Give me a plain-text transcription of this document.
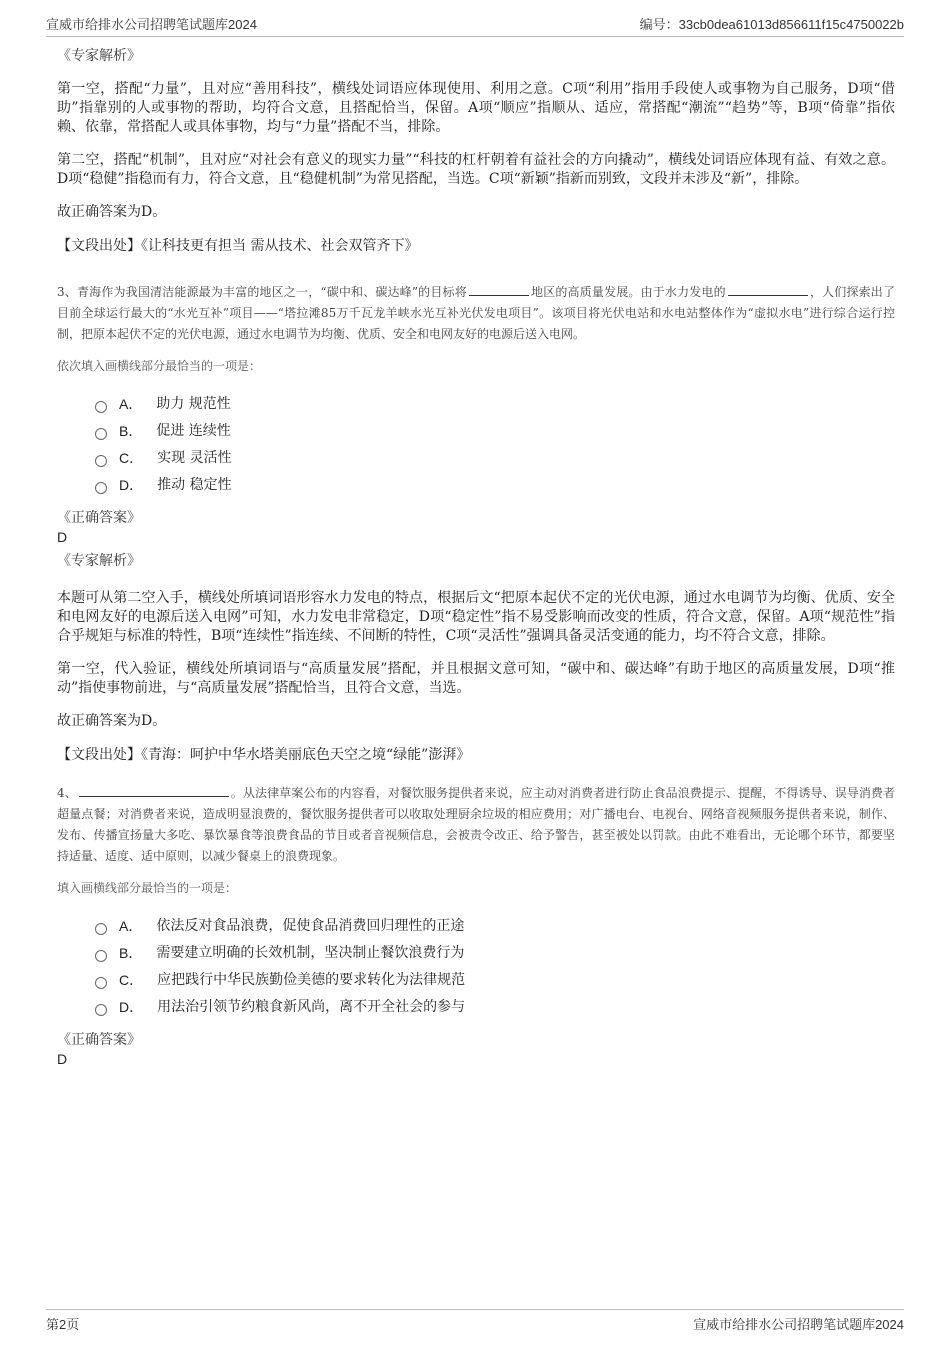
宣威市给排水公司招聘笔试题库2024	编号：33cb0dea61013d856611f15c4750022b
《专家解析》

第一空，搭配“力量”，且对应“善用科技”，横线处词语应体现使用、利用之意。C项“利用”指用手段使人或事物为自己服务，D项“借助”指靠别的人或事物的帮助，均符合文意，且搭配恰当，保留。A项“顺应”指顺从、适应，常搭配“潮流”“趋势”等，B项“倚靠”指依赖、依靠，常搭配人或具体事物，均与“力量”搭配不当，排除。

第二空，搭配“机制”，且对应“对社会有意义的现实力量”“科技的杠杆朝着有益社会的方向撬动”，横线处词语应体现有益、有效之意。D项“稳健”指稳而有力，符合文意，且“稳健机制”为常见搭配，当选。C项“新颖”指新而别致，文段并未涉及“新”，排除。

故正确答案为D。

【文段出处】《让科技更有担当 需从技术、社会双管齐下》

3、青海作为我国清洁能源最为丰富的地区之一，“碳中和、碳达峰”的目标将	地区的高质量发展。由于水力发电的	，人们探索出了目前全球运行最大的“水光互补”项目——“塔拉滩85万千瓦龙羊峡水光互补光伏发电项目”。该项目将光伏电站和水电站整体作为“虚拟水电”进行综合运行控制，把原本起伏不定的光伏电源，通过水电调节为均衡、优质、安全和电网友好的电源后送入电网。
依次填入画横线部分最恰当的一项是：
A． 助力 规范性
B． 促进 连续性
C． 实现 灵活性
D． 推动 稳定性
《正确答案》
D
《专家解析》

本题可从第二空入手，横线处所填词语形容水力发电的特点，根据后文“把原本起伏不定的光伏电源，通过水电调节为均衡、优质、安全和电网友好的电源后送入电网”可知，水力发电非常稳定，D项“稳定性”指不易受影响而改变的性质，符合文意，保留。A项“规范性”指合乎规矩与标准的特性，B项“连续性”指连续、不间断的特性，C项“灵活性”强调具备灵活变通的能力，均不符合文意，排除。

第一空，代入验证，横线处所填词语与“高质量发展”搭配，并且根据文意可知，“碳中和、碳达峰”有助于地区的高质量发展，D项“推动”指使事物前进，与“高质量发展”搭配恰当，且符合文意，当选。

故正确答案为D。

【文段出处】《青海：呵护中华水塔美丽底色天空之境“绿能”澎湃》

4、	。从法律草案公布的内容看，对餐饮服务提供者来说，应主动对消费者进行防止食品浪费提示、提醒，不得诱导、误导消费者超量点餐；对消费者来说，造成明显浪费的，餐饮服务提供者可以收取处理厨余垃圾的相应费用；对广播电台、电视台、网络音视频服务提供者来说，制作、发布、传播宣扬量大多吃、暴饮暴食等浪费食品的节目或者音视频信息，会被责令改正、给予警告，甚至被处以罚款。由此不难看出，无论哪个环节，都要坚持适量、适度、适中原则，以减少餐桌上的浪费现象。
填入画横线部分最恰当的一项是：
A． 依法反对食品浪费，促使食品消费回归理性的正途
B． 需要建立明确的长效机制，坚决制止餐饮浪费行为
C． 应把践行中华民族勤俭美德的要求转化为法律规范
D． 用法治引领节约粮食新风尚，离不开全社会的参与
《正确答案》
D
第2页	宣威市给排水公司招聘笔试题库2024
